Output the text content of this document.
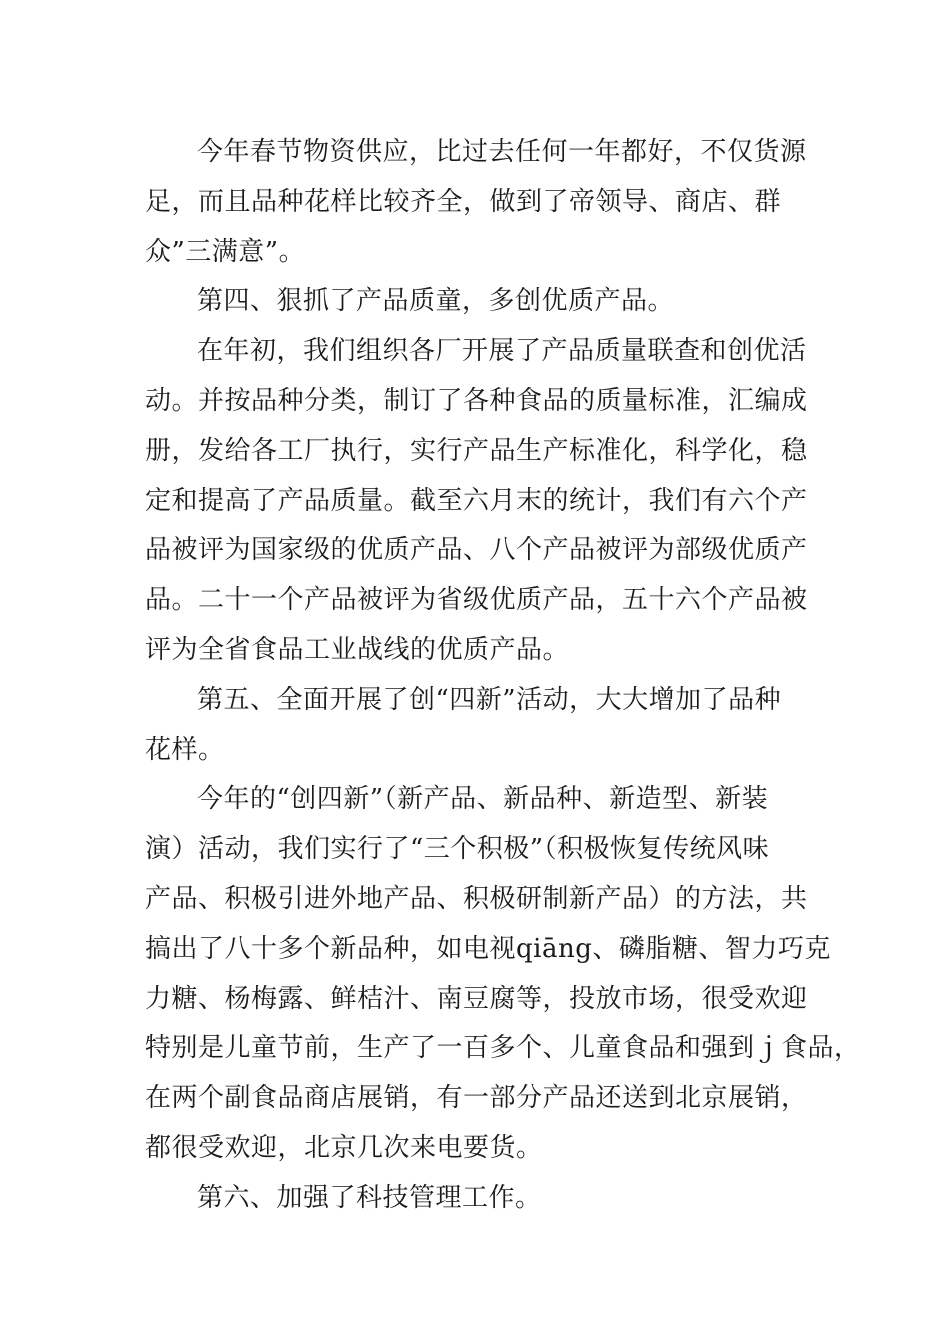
今年春节物资供应，比过去任何一年都好，不仅货源
足，而且品种花样比较齐全，做到了帝领导、商店、群
众”三满意”。
第四、狠抓了产品质童，多创优质产品。
在年初，我们组织各厂开展了产品质量联查和创优活
动。并按品种分类，制订了各种食品的质量标准，汇编成
册，发给各工厂执行，实行产品生产标准化，科学化，稳
定和提高了产品质量。截至六月末的统计，我们有六个产
品被评为国家级的优质产品、八个产品被评为部级优质产
品。二十一个产品被评为省级优质产品，五十六个产品被
评为全省食品工业战线的优质产品。
第五、全面开展了创“四新”活动，大大增加了品种
花样。
今年的“创四新”（新产品、新品种、新造型、新装
演）活动，我们实行了“三个积极”（积极恢复传统风味
产品、积极引进外地产品、积极研制新产品）的方法，共
搞出了八十多个新品种，如电视qiāng、磷脂糖、智力巧克
力糖、杨梅露、鲜桔汁、南豆腐等，投放市场，很受欢迎
特别是儿童节前，生产了一百多个、儿童食品和强到ｊ食品，
在两个副食品商店展销，有一部分产品还送到北京展销，
都很受欢迎，北京几次来电要货。
第六、加强了科技管理工作。
